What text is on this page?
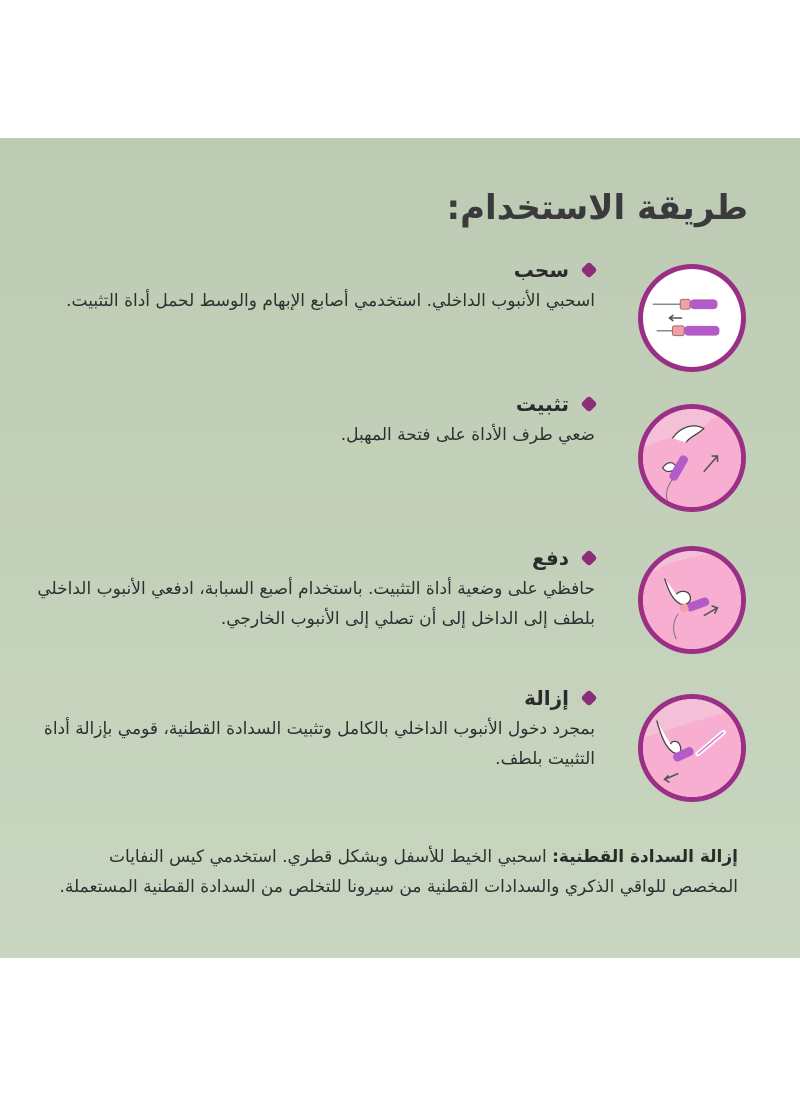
طريقة الاستخدام:
سحب
اسحبي الأنبوب الداخلي. استخدمي أصابع الإبهام والوسط لحمل أداة التثبيت.
تثبيت
ضعي طرف الأداة على فتحة المهبل.
دفع
حافظي على وضعية أداة التثبيت. باستخدام أصبع السبابة، ادفعي الأنبوب الداخلي بلطف إلى الداخل إلى أن تصلي إلى الأنبوب الخارجي.
إزالة
بمجرد دخول الأنبوب الداخلي بالكامل وتثبيت السدادة القطنية، قومي بإزالة أداة التثبيت بلطف.
إزالة السدادة القطنية: اسحبي الخيط للأسفل وبشكل قطري. استخدمي كيس النفايات المخصص للواقي الذكري والسدادات القطنية من سيرونا للتخلص من السدادة القطنية المستعملة.
